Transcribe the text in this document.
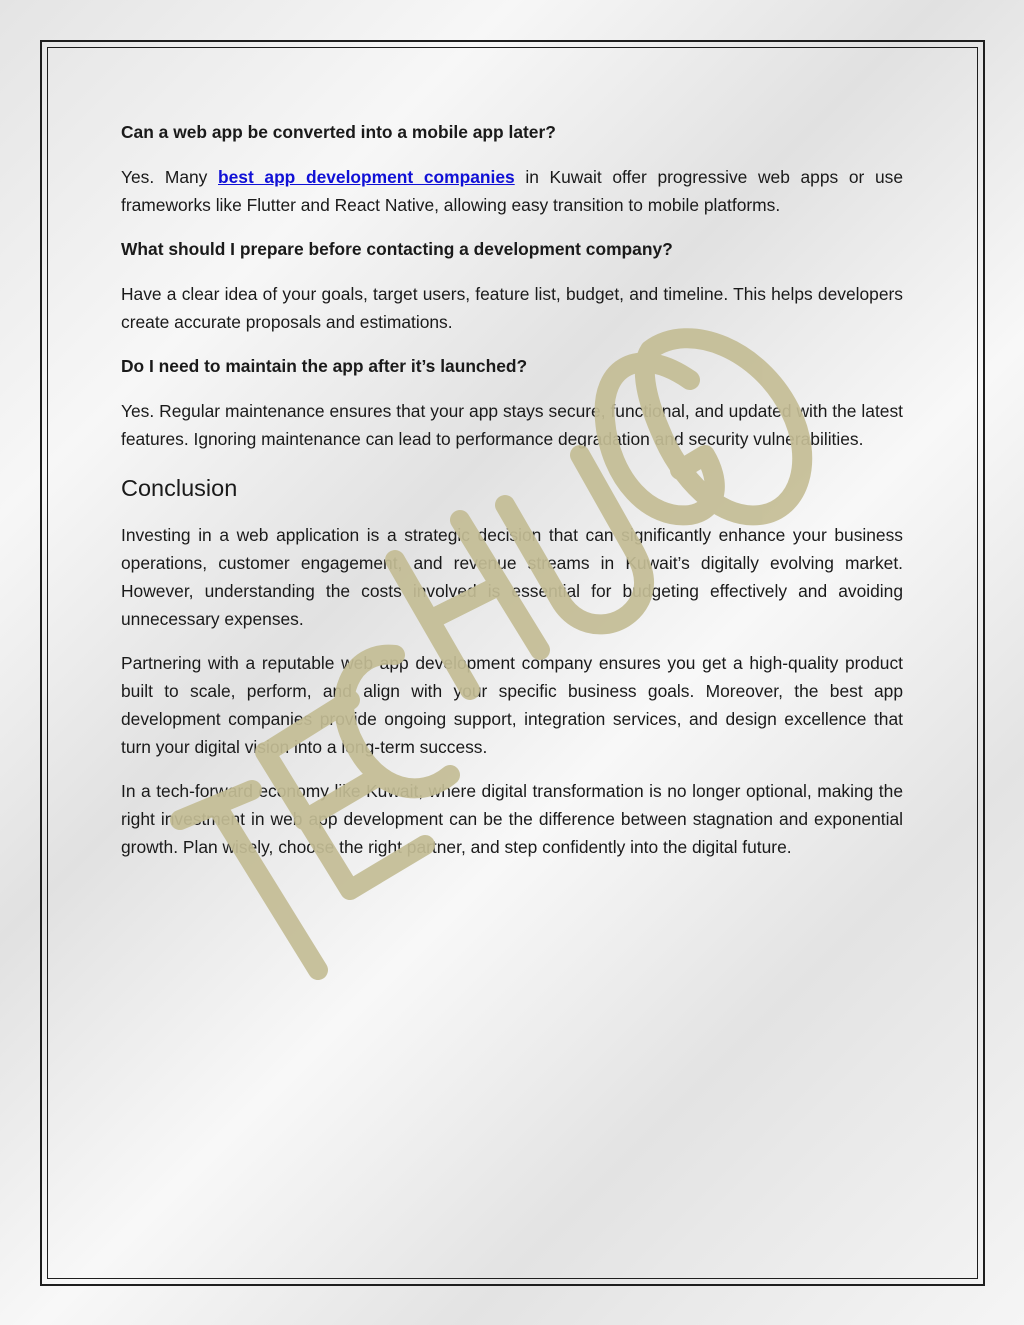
Can a web app be converted into a mobile app later?

Yes. Many best app development companies in Kuwait offer progressive web apps or use frameworks like Flutter and React Native, allowing easy transition to mobile platforms.

What should I prepare before contacting a development company?

Have a clear idea of your goals, target users, feature list, budget, and timeline. This helps developers create accurate proposals and estimations.

Do I need to maintain the app after it’s launched?

Yes. Regular maintenance ensures that your app stays secure, functional, and updated with the latest features. Ignoring maintenance can lead to performance degradation and security vulnerabilities.

Conclusion

Investing in a web application is a strategic decision that can significantly enhance your business operations, customer engagement, and revenue streams in Kuwait’s digitally evolving market. However, understanding the costs involved is essential for budgeting effectively and avoiding unnecessary expenses.

Partnering with a reputable web app development company ensures you get a high-quality product built to scale, perform, and align with your specific business goals. Moreover, the best app development companies provide ongoing support, integration services, and design excellence that turn your digital vision into a long-term success.

In a tech-forward economy like Kuwait, where digital transformation is no longer optional, making the right investment in web app development can be the difference between stagnation and exponential growth. Plan wisely, choose the right partner, and step confidently into the digital future.
